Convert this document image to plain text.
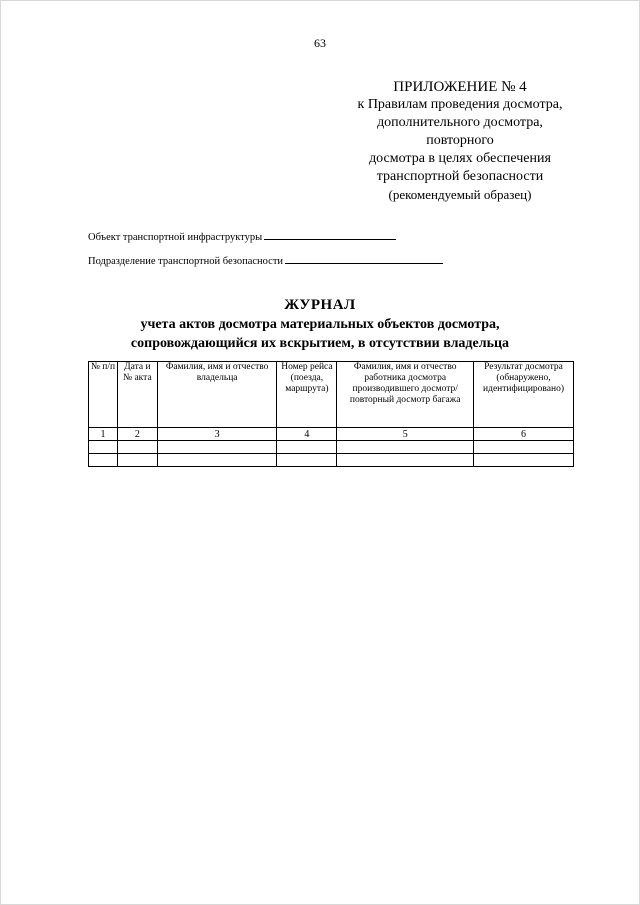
63
ПРИЛОЖЕНИЕ № 4
к Правилам проведения досмотра,
дополнительного досмотра,
повторного
досмотра в целях обеспечения
транспортной безопасности
(рекомендуемый образец)
Объект транспортной инфраструктуры
Подразделение транспортной безопасности
ЖУРНАЛ
учета актов досмотра материальных объектов досмотра,
сопровождающийся их вскрытием, в отсутствии владельца
№ п/п	Дата и № акта	Фамилия, имя и отчество владельца	Номер рейса (поезда, маршрута)	Фамилия, имя и отчество работника досмотра производившего досмотр/повторный досмотр багажа	Результат досмотра (обнаружено, идентифицировано)
1	2	3	4	5	6
